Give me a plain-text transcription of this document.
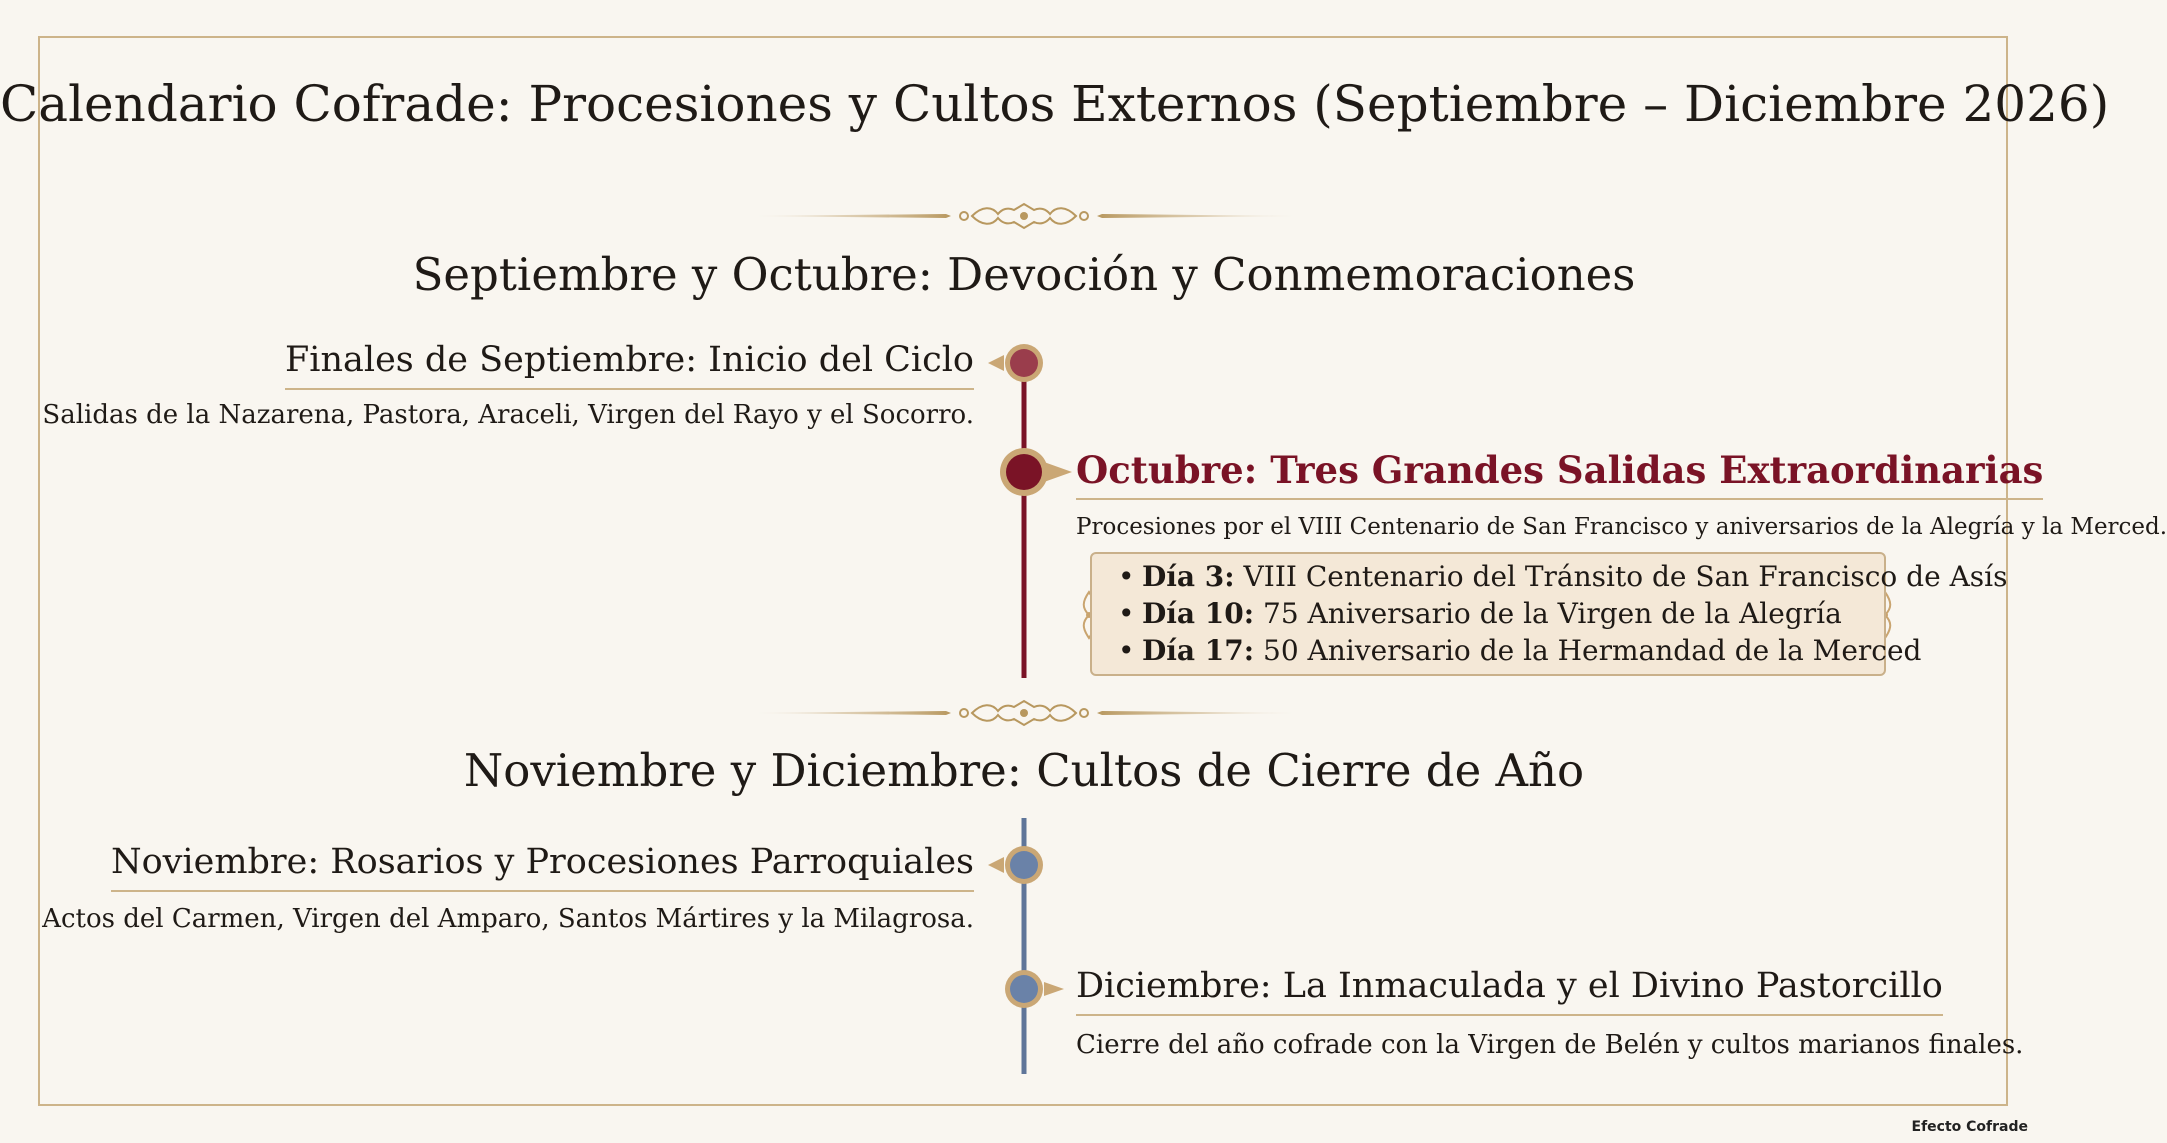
Calendario Cofrade: Procesiones y Cultos Externos (Septiembre – Diciembre 2026)
Septiembre y Octubre: Devoción y Conmemoraciones
Noviembre y Diciembre: Cultos de Cierre de Año
Finales de Septiembre: Inicio del Ciclo
Salidas de la Nazarena, Pastora, Araceli, Virgen del Rayo y el Socorro.
Octubre: Tres Grandes Salidas Extraordinarias
Procesiones por el VIII Centenario de San Francisco y aniversarios de la Alegría y la Merced.
• Día 3: VIII Centenario del Tránsito de San Francisco de Asís
• Día 10: 75 Aniversario de la Virgen de la Alegría
• Día 17: 50 Aniversario de la Hermandad de la Merced
Noviembre: Rosarios y Procesiones Parroquiales
Actos del Carmen, Virgen del Amparo, Santos Mártires y la Milagrosa.
Diciembre: La Inmaculada y el Divino Pastorcillo
Cierre del año cofrade con la Virgen de Belén y cultos marianos finales.
Efecto Cofrade
